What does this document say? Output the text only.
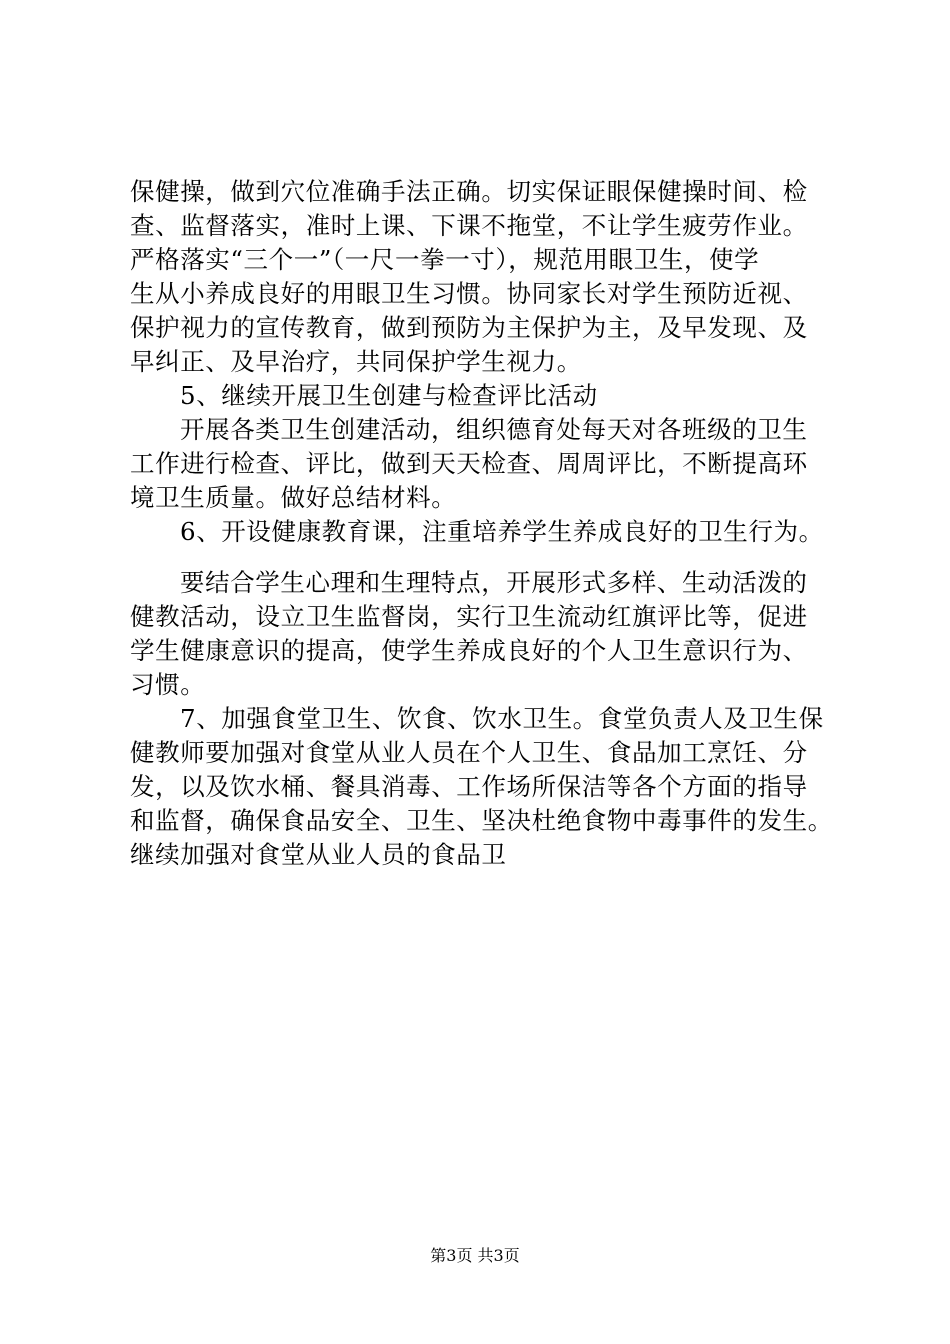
保健操，做到穴位准确手法正确。切实保证眼保健操时间、检
查、监督落实，准时上课、下课不拖堂，不让学生疲劳作业。
严格落实“三个一”（一尺一拳一寸），规范用眼卫生，使学
生从小养成良好的用眼卫生习惯。协同家长对学生预防近视、
保护视力的宣传教育，做到预防为主保护为主，及早发现、及
早纠正、及早治疗，共同保护学生视力。
5、继续开展卫生创建与检查评比活动
开展各类卫生创建活动，组织德育处每天对各班级的卫生
工作进行检查、评比，做到天天检查、周周评比，不断提高环
境卫生质量。做好总结材料。
6、开设健康教育课，注重培养学生养成良好的卫生行为。
要结合学生心理和生理特点，开展形式多样、生动活泼的
健教活动，设立卫生监督岗，实行卫生流动红旗评比等，促进
学生健康意识的提高，使学生养成良好的个人卫生意识行为、
习惯。
7、加强食堂卫生、饮食、饮水卫生。食堂负责人及卫生保
健教师要加强对食堂从业人员在个人卫生、食品加工烹饪、分
发，以及饮水桶、餐具消毒、工作场所保洁等各个方面的指导
和监督，确保食品安全、卫生、坚决杜绝食物中毒事件的发生。
继续加强对食堂从业人员的食品卫
第3页 共3页
